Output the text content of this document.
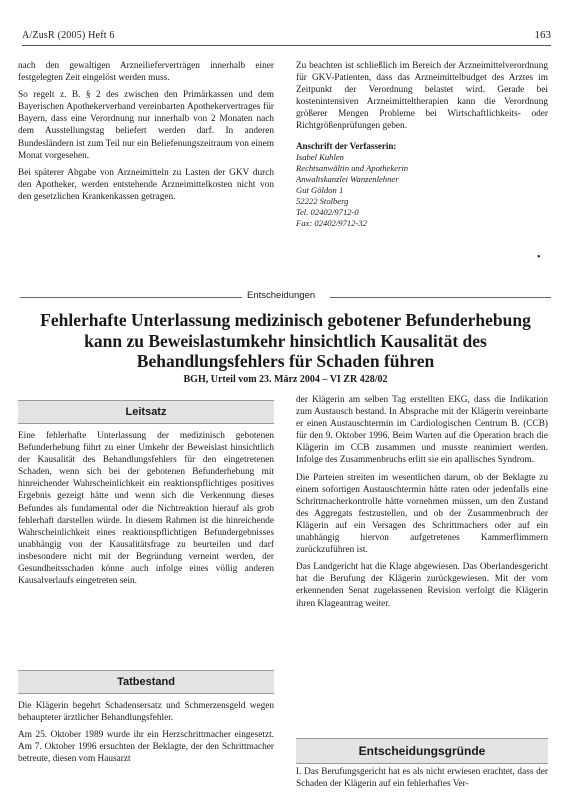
A/ZusR (2005) Heft 6	163

nach den gewaltigen Arzneilieferverträgen innerhalb einer festgelegten Zeit eingelöst werden muss.

So regelt z. B. § 2 des zwischen den Primärkassen und dem Bayerischen Apothekerverband vereinbarten Apothekervertrages für Bayern, dass eine Verordnung nur innerhalb von 2 Monaten nach dem Ausstellungstag beliefert werden darf. In anderen Bundesländern ist zum Teil nur ein Beliefenungszeitraum von einem Monat vorgesehen.

Bei späterer Abgabe von Arzneimitteln zu Lasten der GKV durch den Apotheker, werden entstehende Arzneimittelkosten nicht von den gesetzlichen Krankenkassen getragen.

Zu beachten ist schließlich im Bereich der Arzneimittelverordnung für GKV-Patienten, dass das Arzneimittelbudget des Arztes im Zeitpunkt der Verordnung belastet wird. Gerade bei kostenintensiven Arzneimitteltherapien kann die Verordnung größerer Mengen Probleme bei Wirtschaftlichkeits- oder Richtgrößenprüfungen geben.

Anschrift der Verfasserin:
Isabel Kuhlen
Rechtsanwältin und Apothekerin
Anwaltskanzlei Wanzenlehner
Gut Göldon 1
52222 Stolberg
Tel. 02402/9712-0
Fax: 02402/9712-32
•
Entscheidungen
Fehlerhafte Unterlassung medizinisch gebotener Befunderhebung kann zu Beweislastumkehr hinsichtlich Kausalität des Behandlungsfehlers für Schaden führen
BGH, Urteil vom 23. März 2004 – VI ZR 428/02
Leitsatz

Eine fehlerhafte Unterlassung der medizinisch gebotenen Befunderhebung führt zu einer Umkehr der Beweislast hinsichtlich der Kausalität des Behandlungsfehlers für den eingetretenen Schaden, wenn sich bei der gebotenen Befunderhebung mit hinreichender Wahrscheinlichkeit ein reaktionspflichtiges positives Ergebnis gezeigt hätte und wenn sich die Verkennung dieses Befundes als fundamental oder die Nichtreaktion hierauf als grob fehlerhaft darstellen würde. In diesem Rahmen ist die hinreichende Wahrscheinlichkeit eines reaktionspflichtigen Befundergebnisses unabhängig von der Kausalitätsfrage zu beurteilen und darf insbesondere nicht mit der Begründung verneint werden, der Gesundheitsschaden könne auch infolge eines völlig anderen Kausalverlaufs eingetreten sein.

Tatbestand

Die Klägerin begehrt Schadensersatz und Schmerzensgeld wegen behaupteter ärztlicher Behandlungsfehler.

Am 25. Oktober 1989 wurde ihr ein Herzschrittmacher eingesetzt. Am 7. Oktober 1996 ersuchten der Beklagte, der den Schrittmacher betreute, diesen vom Hausarzt

der Klägerin am selben Tag erstellten EKG, dass die Indikation zum Austausch bestand. In Absprache mit der Klägerin vereinbarte er einen Austauschtermin im Cardiologischen Centrum B. (CCB) für den 9. Oktober 1996. Beim Warten auf die Operation brach die Klägerin im CCB zusammen und musste reanimiert werden. Infolge des Zusammenbruchs erlitt sie ein apallisches Syndrom.

Die Parteien streiten im wesentlichen darum, ob der Beklagte zu einem sofortigen Austauschtermin hätte raten oder jedenfalls eine Schrittmacherkontrolle hätte vornehmen müssen, um den Zustand des Aggregats festzustellen, und ob der Zusammenbruch der Klägerin auf ein Versagen des Schrittmachers oder auf ein unabhängig hiervon aufgetretenes Kammerflimmern zurückzuführen ist.

Das Landgericht hat die Klage abgewiesen. Das Oberlandesgericht hat die Berufung der Klägerin zurückgewiesen. Mit der vom erkennenden Senat zugelassenen Revision verfolgt die Klägerin ihren Klageantrag weiter.

Entscheidungsgründe

I. Das Berufungsgericht hat es als nicht erwiesen erachtet, dass der Schaden der Klägerin auf ein fehlerhaftes Ver-
